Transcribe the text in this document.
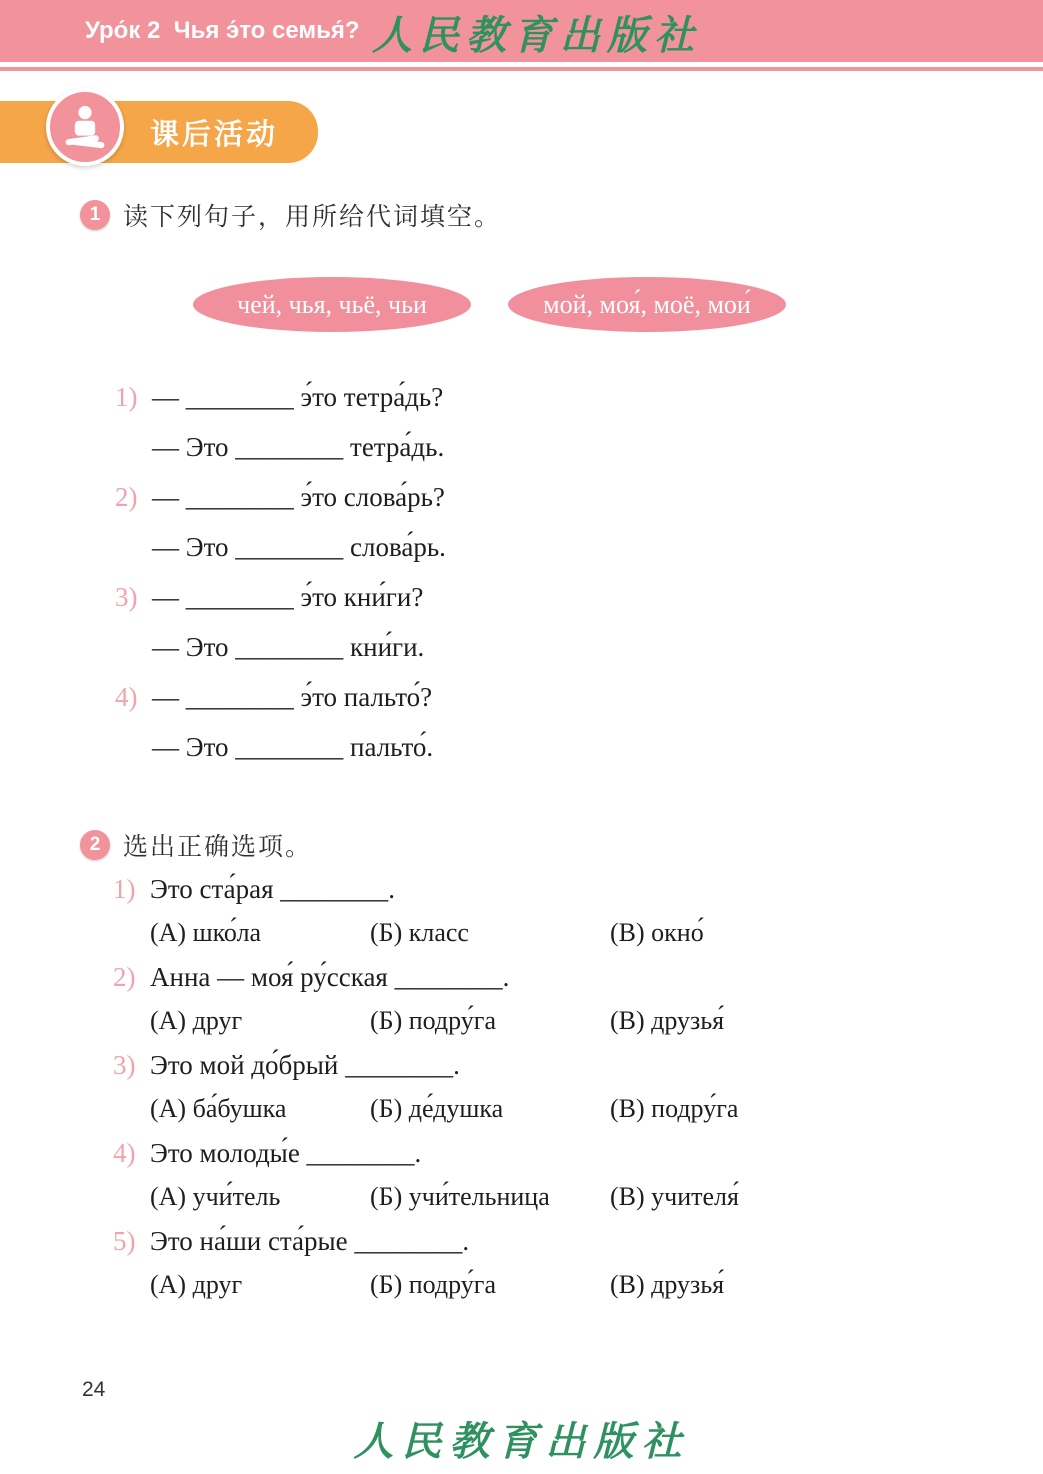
Уро́к 2  Чья э́то семья́? 人民教育出版社
课后活动
1 读下列句子，用所给代词填空。
чей, чья, чьё, чьи	мой, моя́, моё, мои́
1) — ________ э́то тетра́дь?
— Это ________ тетра́дь.
2) — ________ э́то слова́рь?
— Это ________ слова́рь.
3) — ________ э́то кни́ги?
— Это ________ кни́ги.
4) — ________ э́то пальто́?
— Это ________ пальто́.
2 选出正确选项。
1) Это ста́рая ________.
(А) шко́ла	(Б) класс	(В) окно́
2) Анна — моя́ ру́сская ________.
(А) друг	(Б) подру́га	(В) друзья́
3) Это мой до́брый ________.
(А) ба́бушка	(Б) де́душка	(В) подру́га
4) Это молоды́е ________.
(А) учи́тель	(Б) учи́тельница	(В) учителя́
5) Это на́ши ста́рые ________.
(А) друг	(Б) подру́га	(В) друзья́
24
人民教育出版社
